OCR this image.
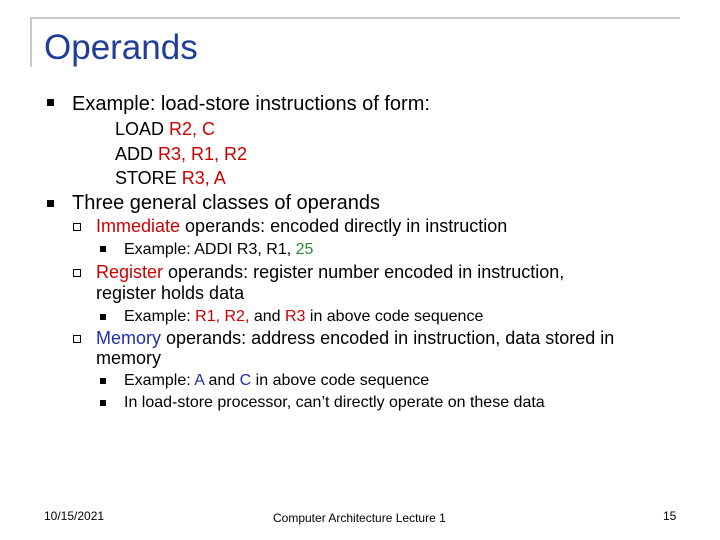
Operands
Example: load-store instructions of form:
LOAD R2, C
ADD R3, R1, R2
STORE R3, A
Three general classes of operands
Immediate operands: encoded directly in instruction
Example: ADDI R3, R1, 25
Register operands: register number encoded in instruction,
register holds data
Example: R1, R2, and R3 in above code sequence
Memory operands: address encoded in instruction, data stored in
memory
Example: A and C in above code sequence
In load-store processor, can’t directly operate on these data
10/15/2021	Computer Architecture Lecture 1	15
